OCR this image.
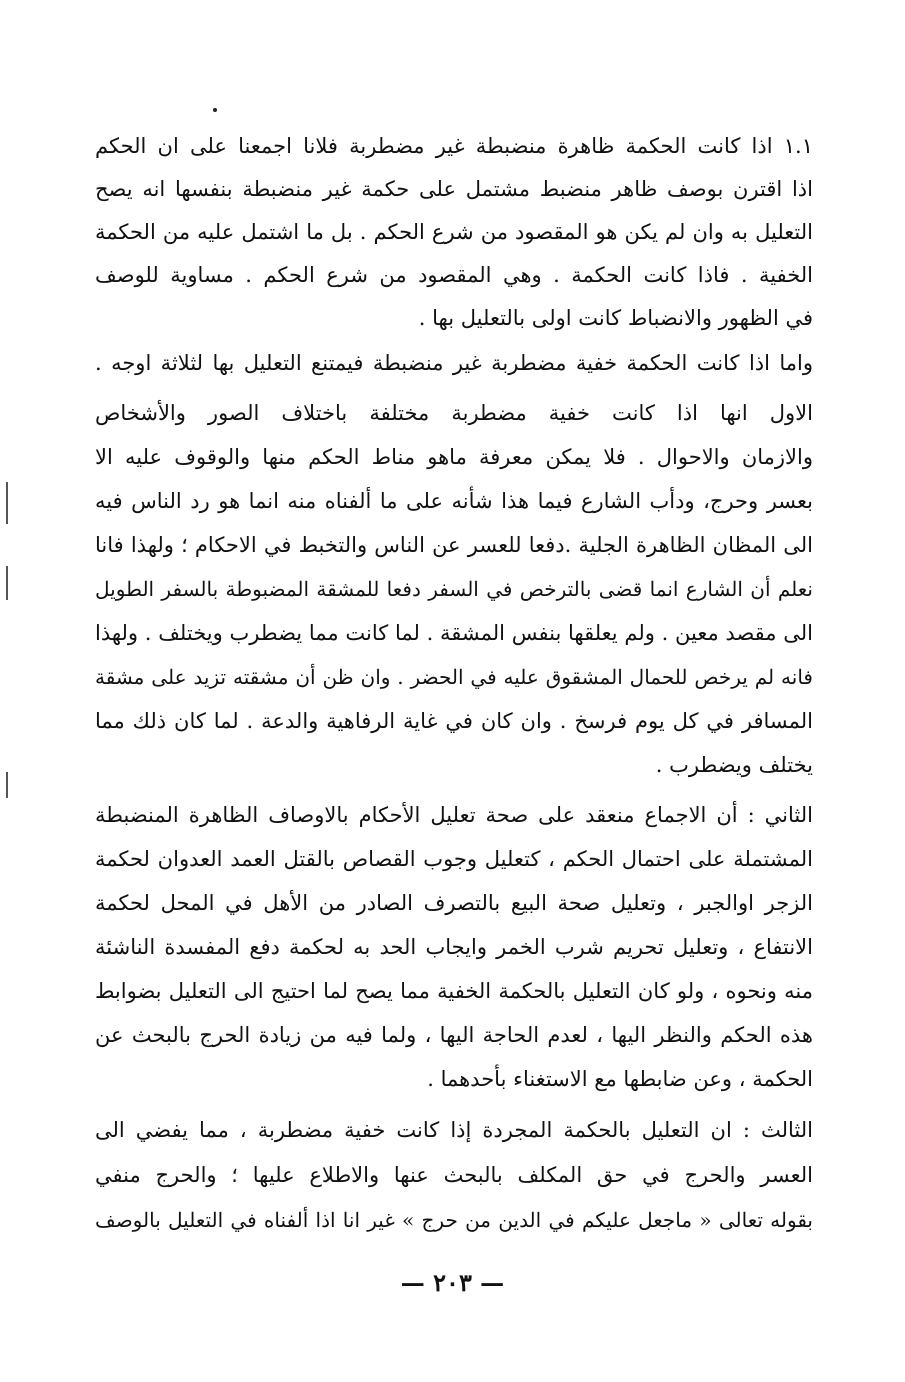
١.١ اذا كانت الحكمة ظاهرة منضبطة غير مضطربة فلانا اجمعنا على ان الحكم
اذا اقترن بوصف ظاهر منضبط مشتمل على حكمة غير منضبطة بنفسها انه يصح
التعليل به وان لم يكن هو المقصود من شرع الحكم . بل ما اشتمل عليه من الحكمة
الخفية . فاذا كانت الحكمة . وهي المقصود من شرع الحكم . مساوية للوصف
في الظهور والانضباط كانت اولى بالتعليل بها .
واما اذا كانت الحكمة خفية مضطربة غير منضبطة فيمتنع التعليل بها لثلاثة اوجه .
الاول انها اذا كانت خفية مضطربة مختلفة باختلاف الصور والأشخاص
والازمان والاحوال . فلا يمكن معرفة ماهو مناط الحكم منها والوقوف عليه الا
بعسر وحرج، ودأب الشارع فيما هذا شأنه على ما ألفناه منه انما هو رد الناس فيه
الى المظان الظاهرة الجلية .دفعا للعسر عن الناس والتخبط في الاحكام ؛ ولهذا فانا
نعلم أن الشارع انما قضى بالترخص في السفر دفعا للمشقة المضبوطة بالسفر الطويل
الى مقصد معين . ولم يعلقها بنفس المشقة . لما كانت مما يضطرب ويختلف . ولهذا
فانه لم يرخص للحمال المشقوق عليه في الحضر . وان ظن أن مشقته تزيد على مشقة
المسافر في كل يوم فرسخ . وان كان في غاية الرفاهية والدعة . لما كان ذلك مما
يختلف ويضطرب .
الثاني : أن الاجماع منعقد على صحة تعليل الأحكام بالاوصاف الظاهرة المنضبطة
المشتملة على احتمال الحكم ، كتعليل وجوب القصاص بالقتل العمد العدوان لحكمة
الزجر اوالجبر ، وتعليل صحة البيع بالتصرف الصادر من الأهل في المحل لحكمة
الانتفاع ، وتعليل تحريم شرب الخمر وايجاب الحد به لحكمة دفع المفسدة الناشئة
منه ونحوه ، ولو كان التعليل بالحكمة الخفية مما يصح لما احتيج الى التعليل بضوابط
هذه الحكم والنظر اليها ، لعدم الحاجة اليها ، ولما فيه من زيادة الحرج بالبحث عن
الحكمة ، وعن ضابطها مع الاستغناء بأحدهما .
الثالث : ان التعليل بالحكمة المجردة إذا كانت خفية مضطربة ، مما يفضي الى
العسر والحرج في حق المكلف بالبحث عنها والاطلاع عليها ؛ والحرج منفي
بقوله تعالى « ماجعل عليكم في الدين من حرج » غير انا اذا ألفناه في التعليل بالوصف
— ٢٠٣ —
